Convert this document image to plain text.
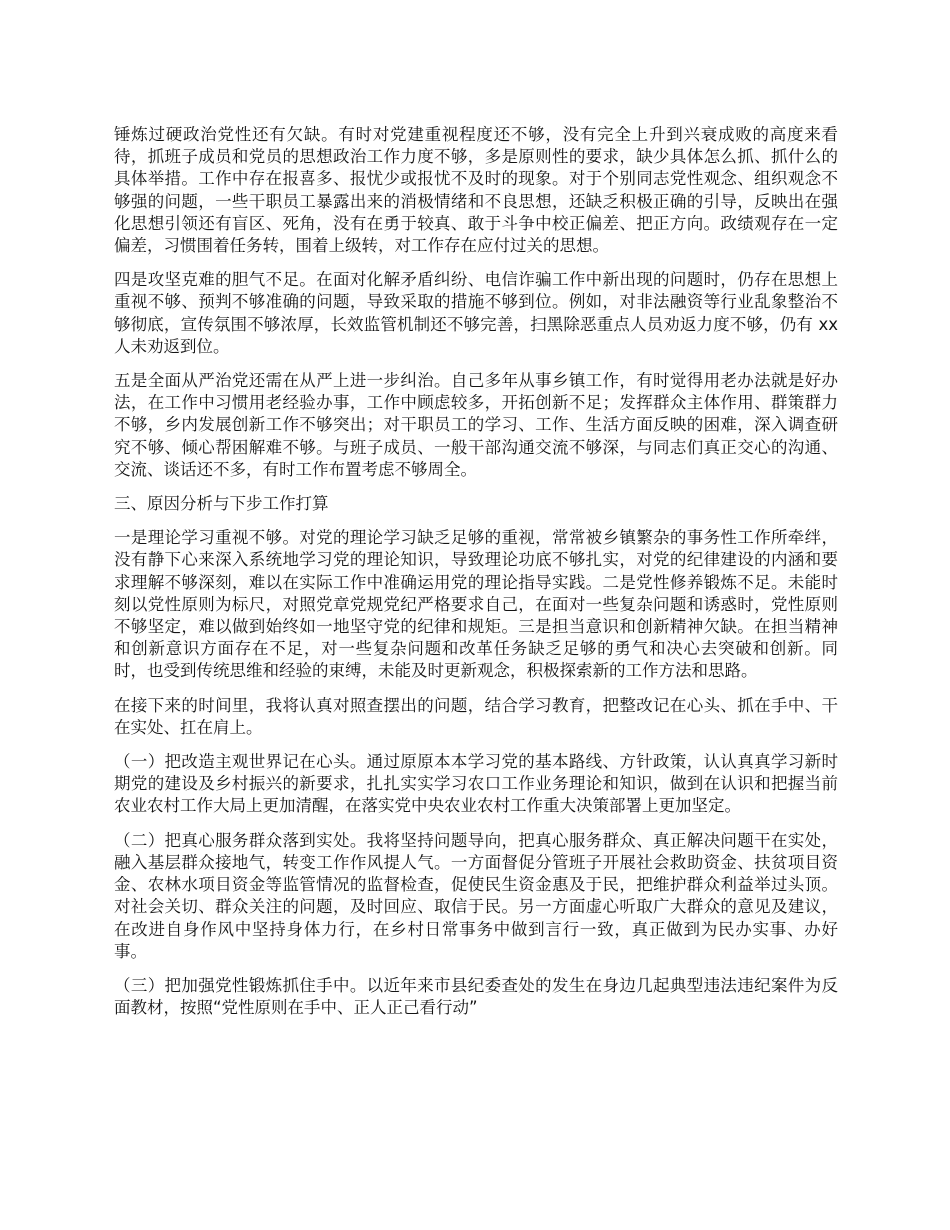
锤炼过硬政治党性还有欠缺。有时对党建重视程度还不够，没有完全上升到兴衰成败的高度来看待，抓班子成员和党员的思想政治工作力度不够，多是原则性的要求，缺少具体怎么抓、抓什么的具体举措。工作中存在报喜多、报忧少或报忧不及时的现象。对于个别同志党性观念、组织观念不够强的问题，一些干职员工暴露出来的消极情绪和不良思想，还缺乏积极正确的引导，反映出在强化思想引领还有盲区、死角，没有在勇于较真、敢于斗争中校正偏差、把正方向。政绩观存在一定偏差，习惯围着任务转，围着上级转，对工作存在应付过关的思想。

四是攻坚克难的胆气不足。在面对化解矛盾纠纷、电信诈骗工作中新出现的问题时，仍存在思想上重视不够、预判不够准确的问题，导致采取的措施不够到位。例如，对非法融资等行业乱象整治不够彻底，宣传氛围不够浓厚，长效监管机制还不够完善，扫黑除恶重点人员劝返力度不够，仍有 xx 人未劝返到位。

五是全面从严治党还需在从严上进一步纠治。自己多年从事乡镇工作，有时觉得用老办法就是好办法，在工作中习惯用老经验办事，工作中顾虑较多，开拓创新不足；发挥群众主体作用、群策群力不够，乡内发展创新工作不够突出；对干职员工的学习、工作、生活方面反映的困难，深入调查研究不够、倾心帮困解难不够。与班子成员、一般干部沟通交流不够深，与同志们真正交心的沟通、交流、谈话还不多，有时工作布置考虑不够周全。

三、原因分析与下步工作打算

一是理论学习重视不够。对党的理论学习缺乏足够的重视，常常被乡镇繁杂的事务性工作所牵绊，没有静下心来深入系统地学习党的理论知识，导致理论功底不够扎实，对党的纪律建设的内涵和要求理解不够深刻，难以在实际工作中准确运用党的理论指导实践。二是党性修养锻炼不足。未能时刻以党性原则为标尺，对照党章党规党纪严格要求自己，在面对一些复杂问题和诱惑时，党性原则不够坚定，难以做到始终如一地坚守党的纪律和规矩。三是担当意识和创新精神欠缺。在担当精神和创新意识方面存在不足，对一些复杂问题和改革任务缺乏足够的勇气和决心去突破和创新。同时，也受到传统思维和经验的束缚，未能及时更新观念，积极探索新的工作方法和思路。

在接下来的时间里，我将认真对照查摆出的问题，结合学习教育，把整改记在心头、抓在手中、干在实处、扛在肩上。

（一）把改造主观世界记在心头。通过原原本本学习党的基本路线、方针政策，认认真真学习新时期党的建设及乡村振兴的新要求，扎扎实实学习农口工作业务理论和知识，做到在认识和把握当前农业农村工作大局上更加清醒，在落实党中央农业农村工作重大决策部署上更加坚定。

（二）把真心服务群众落到实处。我将坚持问题导向，把真心服务群众、真正解决问题干在实处，融入基层群众接地气，转变工作作风提人气。一方面督促分管班子开展社会救助资金、扶贫项目资金、农林水项目资金等监管情况的监督检查，促使民生资金惠及于民，把维护群众利益举过头顶。对社会关切、群众关注的问题，及时回应、取信于民。另一方面虚心听取广大群众的意见及建议，在改进自身作风中坚持身体力行，在乡村日常事务中做到言行一致，真正做到为民办实事、办好事。

（三）把加强党性锻炼抓住手中。以近年来市县纪委查处的发生在身边几起典型违法违纪案件为反面教材，按照“党性原则在手中、正人正己看行动”
